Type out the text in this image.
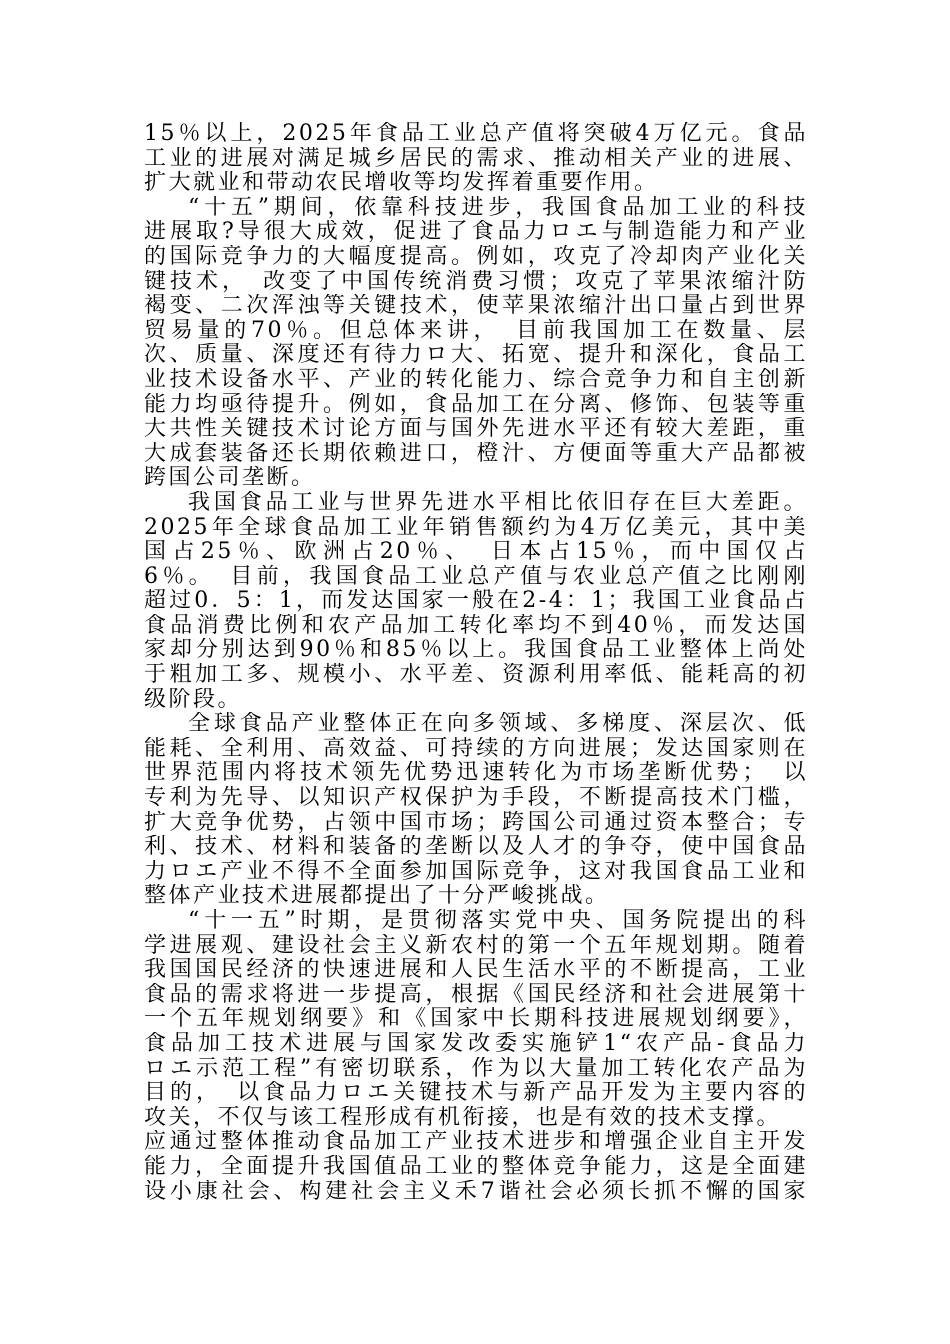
15％以上，2025年食品工业总产值将突破4万亿元。食品
工业的进展对满足城乡居民的需求、推动相关产业的进展、
扩大就业和带动农民增收等均发挥着重要作用。
“十五”期间，依靠科技进步，我国食品加工业的科技
进展取?导很大成效，促进了食品力ロエ与制造能力和产业
的国际竞争力的大幅度提高。例如，攻克了冷却肉产业化关
键技术，　改变了中国传统消费习惯；攻克了苹果浓缩汁防
褐变、二次浑浊等关键技术，使苹果浓缩汁出口量占到世界
贸易量的70％。但总体来讲，　目前我国加工在数量、层
次、质量、深度还有待力ロ大、拓宽、提升和深化，食品工
业技术设备水平、产业的转化能力、综合竞争力和自主创新
能力均亟待提升。例如，食品加工在分离、修饰、包装等重
大共性关键技术讨论方面与国外先进水平还有较大差距，重
大成套装备还长期依赖进口，橙汁、方便面等重大产品都被
跨国公司垄断。
我国食品工业与世界先进水平相比依旧存在巨大差距。
2025年全球食品加工业年销售额约为4万亿美元，其中美
国占25％、欧洲占20％、　日本占15％，而中国仅占
6％。　目前，我国食品工业总产值与农业总产值之比刚刚
超过0．5：1，而发达国家一般在2-4：1；我国工业食品占
食品消费比例和农产品加工转化率均不到40％，而发达国
家却分别达到90％和85％以上。我国食品工业整体上尚处
于粗加工多、规模小、水平差、资源利用率低、能耗高的初
级阶段。
全球食品产业整体正在向多领域、多梯度、深层次、低
能耗、全利用、高效益、可持续的方向进展；发达国家则在
世界范围内将技术领先优势迅速转化为市场垄断优势；　以
专利为先导、以知识产权保护为手段，不断提高技术门槛，
扩大竞争优势，占领中国市场；跨国公司通过资本整合；专
利、技术、材料和装备的垄断以及人才的争夺，使中国食品
力ロエ产业不得不全面参加国际竞争，这对我国食品工业和
整体产业技术进展都提出了十分严峻挑战。
“十一五”时期，是贯彻落实党中央、国务院提出的科
学进展观、建设社会主义新农村的第一个五年规划期。随着
我国国民经济的快速进展和人民生活水平的不断提高，工业
食品的需求将进一步提高，根据《国民经济和社会进展第十
一个五年规划纲要》和《国家中长期科技进展规划纲要》，
食品加工技术进展与国家发改委实施铲1“农产品-食品力
ロエ示范工程”有密切联系，作为以大量加工转化农产品为
目的，　以食品力ロエ关键技术与新产品开发为主要内容的
攻关，不仅与该工程形成有机衔接，也是有效的技术支撑。
应通过整体推动食品加工产业技术进步和增强企业自主开发
能力，全面提升我国值品工业的整体竞争能力，这是全面建
设小康社会、构建社会主义禾7谐社会必须长抓不懈的国家
